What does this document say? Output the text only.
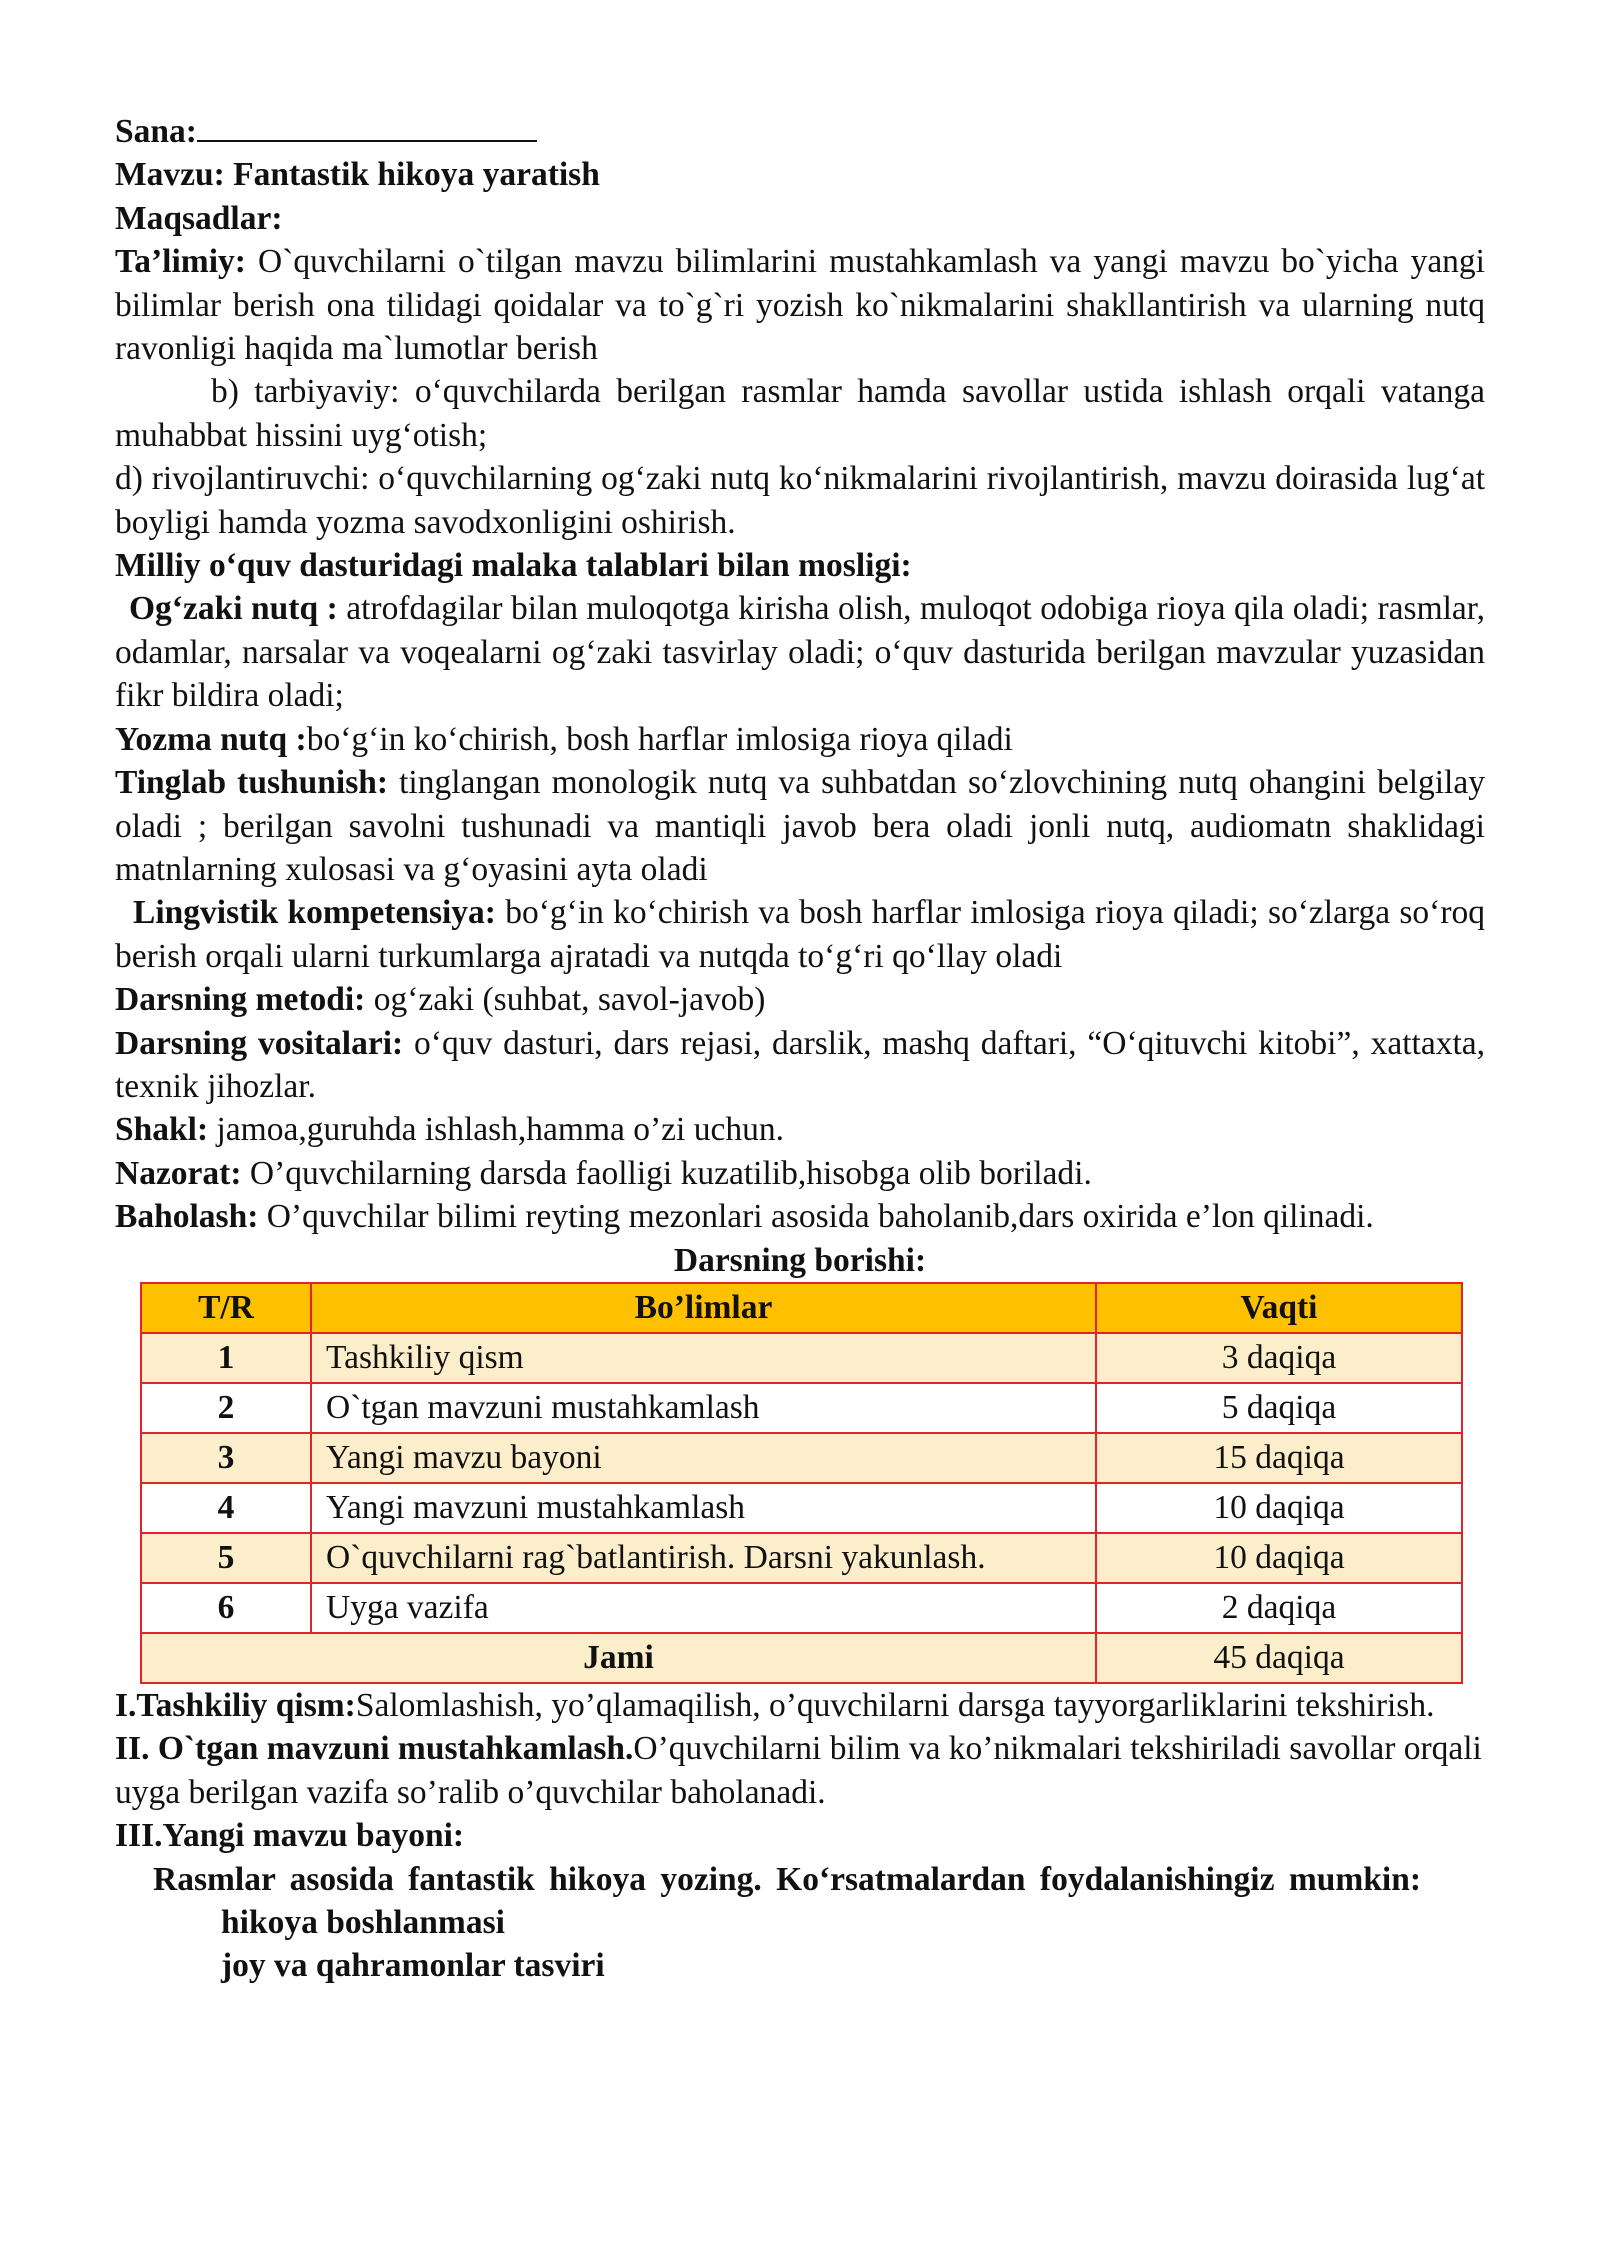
Sana:

Mavzu: Fantastik hikoya yaratish

Maqsadlar:

Ta’limiy: O`quvchilarni o`tilgan mavzu bilimlarini mustahkamlash va yangi mavzu bo`yicha yangi bilimlar berish ona tilidagi qoidalar va to`g`ri yozish ko`nikmalarini shakllantirish va ularning nutq ravonligi haqida ma`lumotlar berish

b) tarbiyaviy: o‘quvchilarda berilgan rasmlar hamda savollar ustida ishlash orqali vatanga muhabbat hissini uyg‘otish;

d) rivojlantiruvchi: o‘quvchilarning og‘zaki nutq ko‘nikmalarini rivojlantirish, mavzu doirasida lug‘at boyligi hamda yozma savodxonligini oshirish.

Milliy o‘quv dasturidagi malaka talablari bilan mosligi:

Og‘zaki nutq : atrofdagilar bilan muloqotga kirisha olish, muloqot odobiga rioya qila oladi; rasmlar, odamlar, narsalar va voqealarni og‘zaki tasvirlay oladi; o‘quv dasturida berilgan mavzular yuzasidan fikr bildira oladi;

Yozma nutq :bo‘g‘in ko‘chirish, bosh harflar imlosiga rioya qiladi

Tinglab tushunish: tinglangan monologik nutq va suhbatdan so‘zlovchining nutq ohangini belgilay oladi ; berilgan savolni tushunadi va mantiqli javob bera oladi jonli nutq, audiomatn shaklidagi matnlarning xulosasi va g‘oyasini ayta oladi

Lingvistik kompetensiya: bo‘g‘in ko‘chirish va bosh harflar imlosiga rioya qiladi; so‘zlarga so‘roq berish orqali ularni turkumlarga ajratadi va nutqda to‘g‘ri qo‘llay oladi

Darsning metodi: og‘zaki (suhbat, savol-javob)

Darsning vositalari: o‘quv dasturi, dars rejasi, darslik, mashq daftari, “O‘qituvchi kitobi”, xattaxta, texnik jihozlar.

Shakl: jamoa,guruhda ishlash,hamma o’zi uchun.

Nazorat: O’quvchilarning darsda faolligi kuzatilib,hisobga olib boriladi.

Baholash: O’quvchilar bilimi reyting mezonlari asosida baholanib,dars oxirida e’lon qilinadi.

Darsning borishi:

T/R	Bo’limlar	Vaqti
1	Tashkiliy qism	3 daqiqa
2	O`tgan mavzuni mustahkamlash	5 daqiqa
3	Yangi mavzu bayoni	15 daqiqa
4	Yangi mavzuni mustahkamlash	10 daqiqa
5	O`quvchilarni rag`batlantirish. Darsni yakunlash.	10 daqiqa
6	Uyga vazifa	2 daqiqa
Jami		45 daqiqa

I.Tashkiliy qism:Salomlashish, yo’qlamaqilish, o’quvchilarni darsga tayyorgarliklarini tekshirish.

II. O`tgan mavzuni mustahkamlash.O’quvchilarni bilim va ko’nikmalari tekshiriladi savollar orqali uyga berilgan vazifa so’ralib o’quvchilar baholanadi.

III.Yangi mavzu bayoni:

Rasmlar asosida fantastik hikoya yozing. Ko‘rsatmalardan foydalanishingiz mumkin:

hikoya boshlanmasi

joy va qahramonlar tasviri
